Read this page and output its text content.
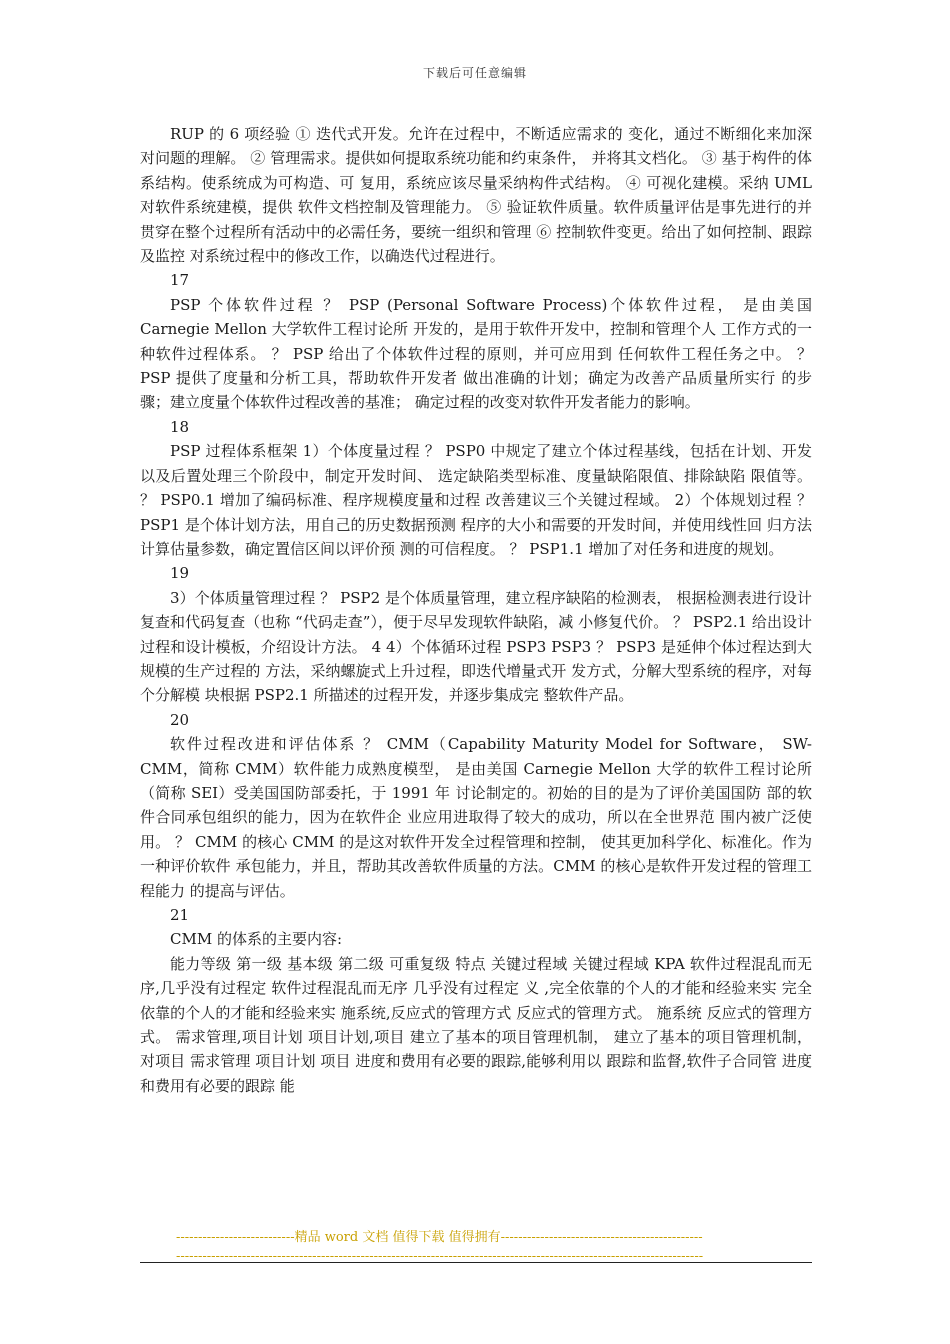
下载后可任意编辑

RUP 的 6 项经验 ① 迭代式开发。允许在过程中，不断适应需求的 变化，通过不断细化来加深对问题的理解。 ② 管理需求。提供如何提取系统功能和约束条件， 并将其文档化。 ③ 基于构件的体系结构。使系统成为可构造、可 复用，系统应该尽量采纳构件式结构。 ④ 可视化建模。采纳 UML 对软件系统建模，提供 软件文档控制及管理能力。 ⑤ 验证软件质量。软件质量评估是事先进行的并 贯穿在整个过程所有活动中的必需任务，要统一组织和管理 ⑥ 控制软件变更。给出了如何控制、跟踪及监控 对系统过程中的修改工作，以确迭代过程进行。

17

PSP 个体软件过程 ？ PSP (Personal Software Process)个体软件过程， 是由美国 Carnegie Mellon 大学软件工程讨论所 开发的，是用于软件开发中，控制和管理个人 工作方式的一种软件过程体系。 ？ PSP 给出了个体软件过程的原则，并可应用到 任何软件工程任务之中。 ？ PSP 提供了度量和分析工具，帮助软件开发者 做出准确的计划；确定为改善产品质量所实行 的步骤；建立度量个体软件过程改善的基准； 确定过程的改变对软件开发者能力的影响。

18

PSP 过程体系框架 1）个体度量过程 ？ PSP0 中规定了建立个体过程基线，包括在计划、开发以及后置处理三个阶段中，制定开发时间、 选定缺陷类型标准、度量缺陷限值、排除缺陷 限值等。 ？ PSP0.1 增加了编码标准、程序规模度量和过程 改善建议三个关键过程域。 2）个体规划过程 ？ PSP1 是个体计划方法，用自己的历史数据预测 程序的大小和需要的开发时间，并使用线性回 归方法计算估量参数，确定置信区间以评价预 测的可信程度。 ？ PSP1.1 增加了对任务和进度的规划。

19

3）个体质量管理过程 ？ PSP2 是个体质量管理，建立程序缺陷的检测表， 根据检测表进行设计复查和代码复查（也称 “代码走查”），便于尽早发现软件缺陷，减 小修复代价。 ？ PSP2.1 给出设计过程和设计模板，介绍设计方法。 4 4）个体循环过程 PSP3 PSP3 ？ PSP3 是延伸个体过程达到大规模的生产过程的 方法，采纳螺旋式上升过程，即迭代增量式开 发方式，分解大型系统的程序，对每个分解模 块根据 PSP2.1 所描述的过程开发，并逐步集成完 整软件产品。

20

软件过程改进和评估体系 ？ CMM（Capability Maturity Model for Software， SW-CMM，简称 CMM）软件能力成熟度模型， 是由美国 Carnegie Mellon 大学的软件工程讨论所（简称 SEI）受美国国防部委托，于 1991 年 讨论制定的。初始的目的是为了评价美国国防 部的软件合同承包组织的能力，因为在软件企 业应用进取得了较大的成功，所以在全世界范 围内被广泛使用。 ？ CMM 的核心 CMM 的是这对软件开发全过程管理和控制， 使其更加科学化、标准化。作为一种评价软件 承包能力，并且，帮助其改善软件质量的方法。CMM 的核心是软件开发过程的管理工程能力 的提高与评估。

21

CMM 的体系的主要内容:

能力等级 第一级 基本级 第二级 可重复级 特点 关键过程域 关键过程域 KPA 软件过程混乱而无序,几乎没有过程定 软件过程混乱而无序 几乎没有过程定 义 ,完全依靠的个人的才能和经验来实 完全依靠的个人的才能和经验来实 施系统,反应式的管理方式 反应式的管理方式。 施系统 反应式的管理方式。 需求管理,项目计划 项目计划,项目 建立了基本的项目管理机制， 建立了基本的项目管理机制， 对项目 需求管理 项目计划 项目 进度和费用有必要的跟踪,能够利用以 跟踪和监督,软件子合同管 进度和费用有必要的跟踪 能

---------------------------精品 word 文档 值得下载 值得拥有----------------------------------------------
------------------------------------------------------------------------------------------------------------------------
